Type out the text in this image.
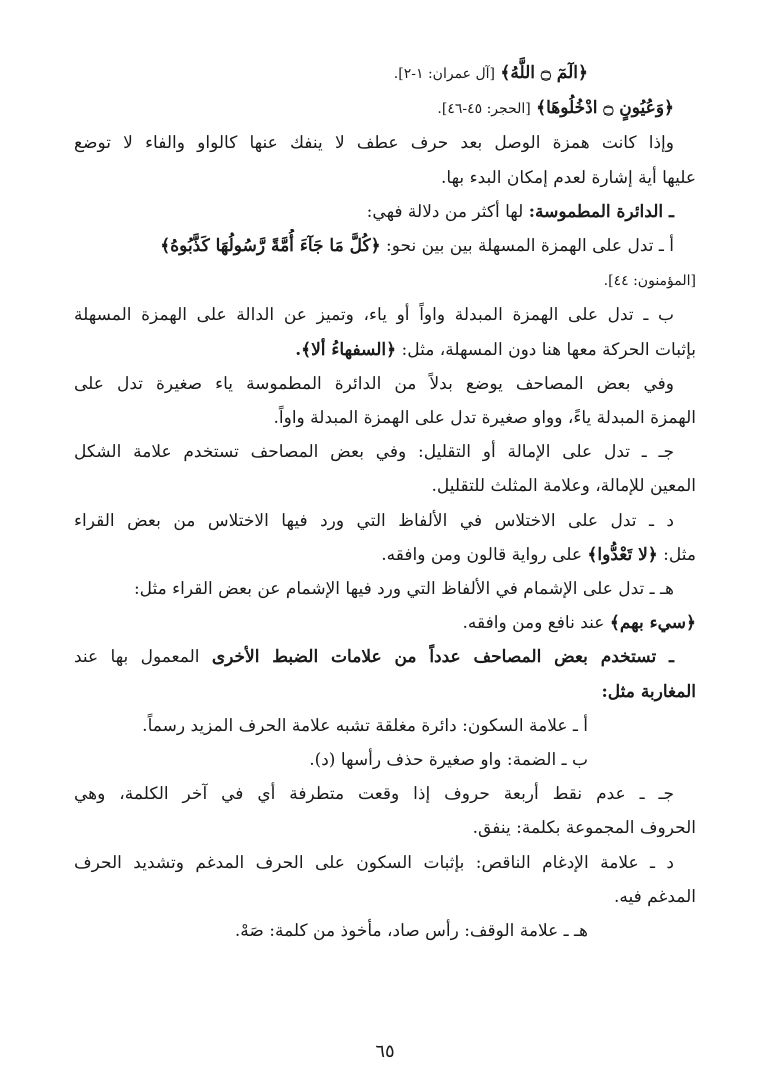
﴿الٓمٓ ۝ اللَّهُ﴾ [آل عمران: ١-٢].
﴿وَعُيُونٍ ۝ ادْخُلُوهَا﴾ [الحجر: ٤٥-٤٦].
وإذا كانت همزة الوصل بعد حرف عطف لا ينفك عنها كالواو والفاء لا توضع
عليها أية إشارة لعدم إمكان البدء بها.
ـ الدائرة المطموسة: لها أكثر من دلالة فهي:
أ ـ تدل على الهمزة المسهلة بين بين نحو: ﴿كُلَّ مَا جَآءَ أُمَّةً رَّسُولُهَا كَذَّبُوهُ﴾
[المؤمنون: ٤٤].
ب ـ تدل على الهمزة المبدلة واواً أو ياء، وتميز عن الدالة على الهمزة المسهلة
بإثبات الحركة معها هنا دون المسهلة، مثل: ﴿السفهاءُ ألا﴾.
وفي بعض المصاحف يوضع بدلاً من الدائرة المطموسة ياء صغيرة تدل على
الهمزة المبدلة ياءً، وواو صغيرة تدل على الهمزة المبدلة واواً.
جـ ـ تدل على الإمالة أو التقليل: وفي بعض المصاحف تستخدم علامة الشكل
المعين للإمالة، وعلامة المثلث للتقليل.
د ـ تدل على الاختلاس في الألفاظ التي ورد فيها الاختلاس من بعض القراء
مثل: ﴿لا تَعْدُّوا﴾ على رواية قالون ومن وافقه.
هـ ـ تدل على الإشمام في الألفاظ التي ورد فيها الإشمام عن بعض القراء مثل:
﴿سيء بهم﴾ عند نافع ومن وافقه.
ـ تستخدم بعض المصاحف عدداً من علامات الضبط الأخرى المعمول بها عند
المغاربة مثل:
أ ـ علامة السكون: دائرة مغلقة تشبه علامة الحرف المزيد رسماً.
ب ـ الضمة: واو صغيرة حذف رأسها (د).
جـ ـ عدم نقط أربعة حروف إذا وقعت متطرفة أي في آخر الكلمة، وهي
الحروف المجموعة بكلمة: ينفق.
د ـ علامة الإدغام الناقص: بإثبات السكون على الحرف المدغم وتشديد الحرف
المدغم فيه.
هـ ـ علامة الوقف: رأس صاد، مأخوذ من كلمة: صَهْ.
٦٥
